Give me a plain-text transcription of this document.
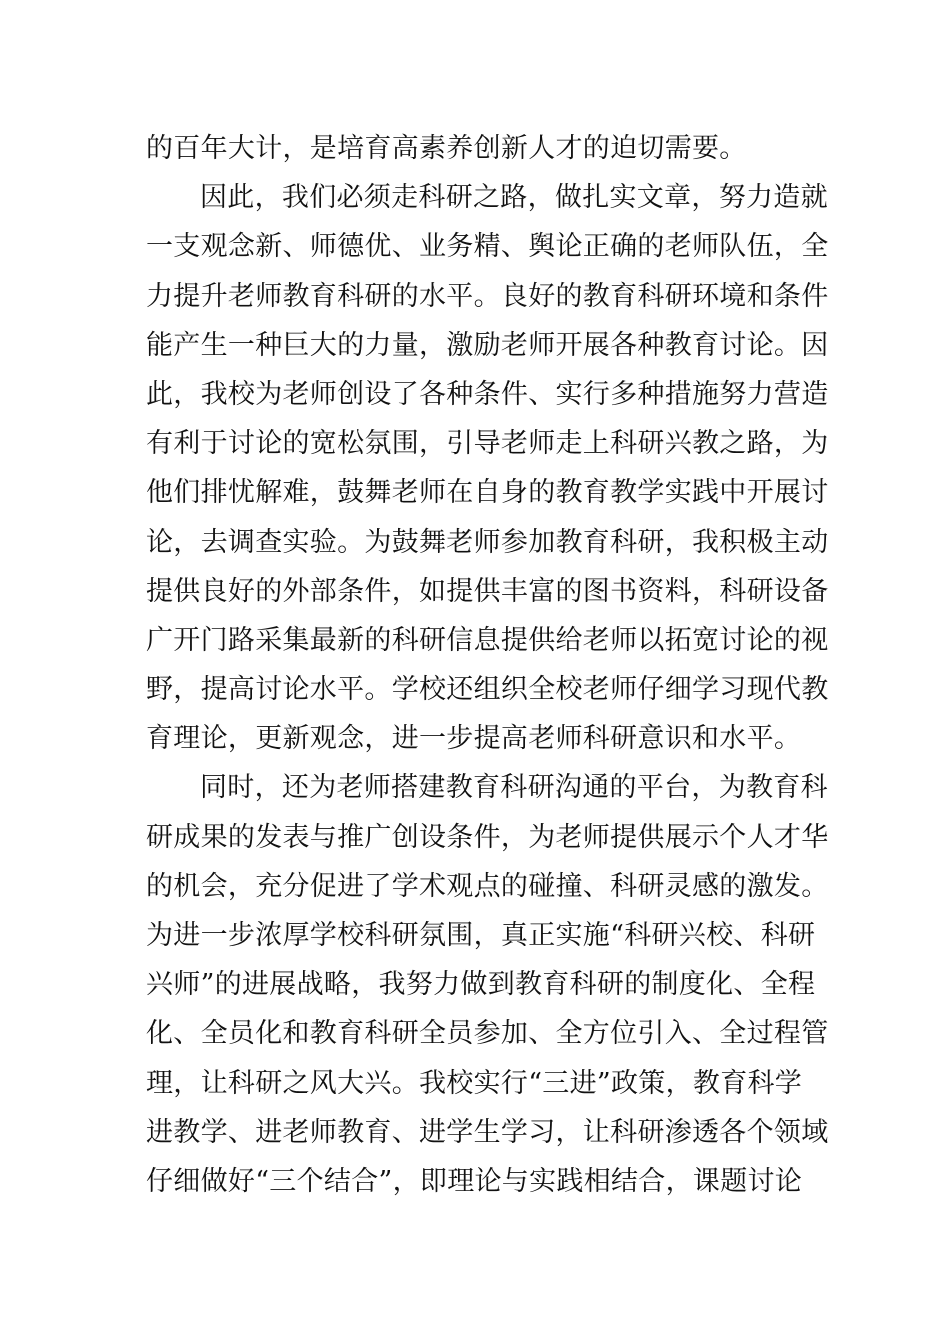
的百年大计，是培育高素养创新人才的迫切需要。
因此，我们必须走科研之路，做扎实文章，努力造就
一支观念新、师德优、业务精、舆论正确的老师队伍，全
力提升老师教育科研的水平。良好的教育科研环境和条件
能产生一种巨大的力量，激励老师开展各种教育讨论。因
此，我校为老师创设了各种条件、实行多种措施努力营造
有利于讨论的宽松氛围，引导老师走上科研兴教之路，为
他们排忧解难，鼓舞老师在自身的教育教学实践中开展讨
论，去调查实验。为鼓舞老师参加教育科研，我积极主动
提供良好的外部条件，如提供丰富的图书资料，科研设备
广开门路采集最新的科研信息提供给老师以拓宽讨论的视
野，提高讨论水平。学校还组织全校老师仔细学习现代教
育理论，更新观念，进一步提高老师科研意识和水平。
同时，还为老师搭建教育科研沟通的平台，为教育科
研成果的发表与推广创设条件，为老师提供展示个人才华
的机会，充分促进了学术观点的碰撞、科研灵感的激发。
为进一步浓厚学校科研氛围，真正实施“科研兴校、科研
兴师”的进展战略，我努力做到教育科研的制度化、全程
化、全员化和教育科研全员参加、全方位引入、全过程管
理，让科研之风大兴。我校实行“三进”政策，教育科学
进教学、进老师教育、进学生学习，让科研渗透各个领域
仔细做好“三个结合”，即理论与实践相结合，课题讨论
